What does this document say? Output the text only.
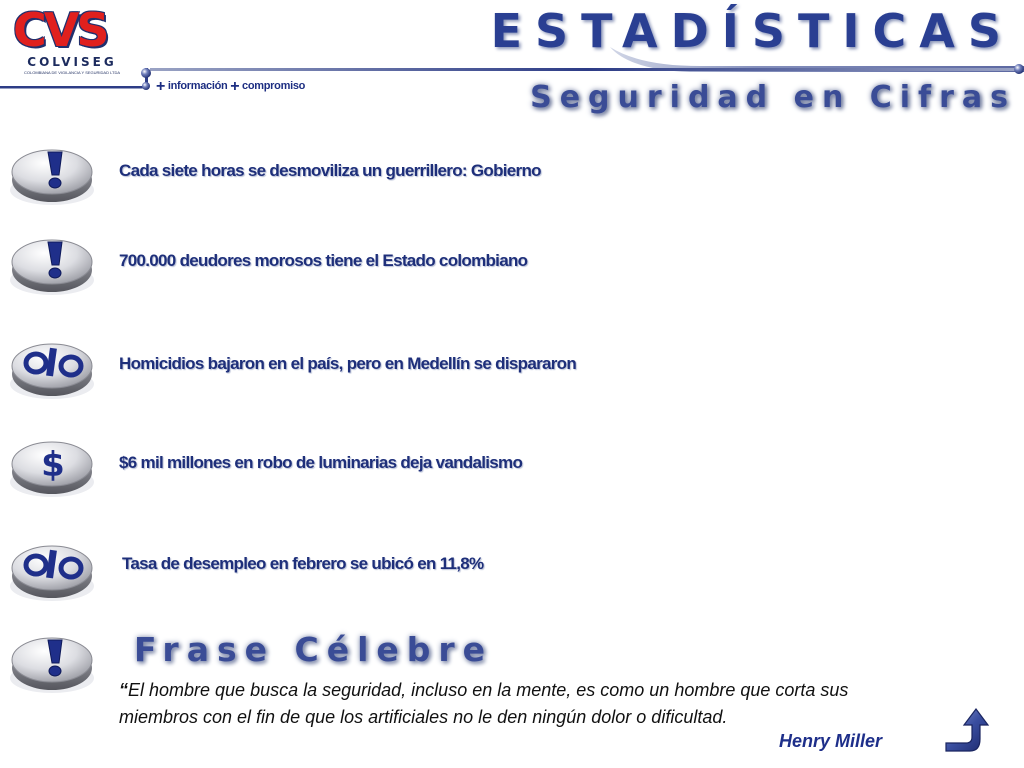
CVS
COLVISEG
COLOMBIANA DE VIGILANCIA Y SEGURIDAD LTDA
+ información + compromiso
ESTADÍSTICAS
Seguridad en Cifras
Cada siete horas se desmoviliza un guerrillero: Gobierno
700.000 deudores morosos tiene el Estado colombiano
Homicidios bajaron en el país, pero en Medellín se dispararon
$	$6 mil millones en robo de luminarias deja vandalismo
Tasa de desempleo en febrero se ubicó en 11,8%
Frase Célebre
“El hombre que busca la seguridad, incluso en la mente, es como un hombre que corta sus miembros con el fin de que los artificiales no le den ningún dolor o dificultad.
Henry Miller
